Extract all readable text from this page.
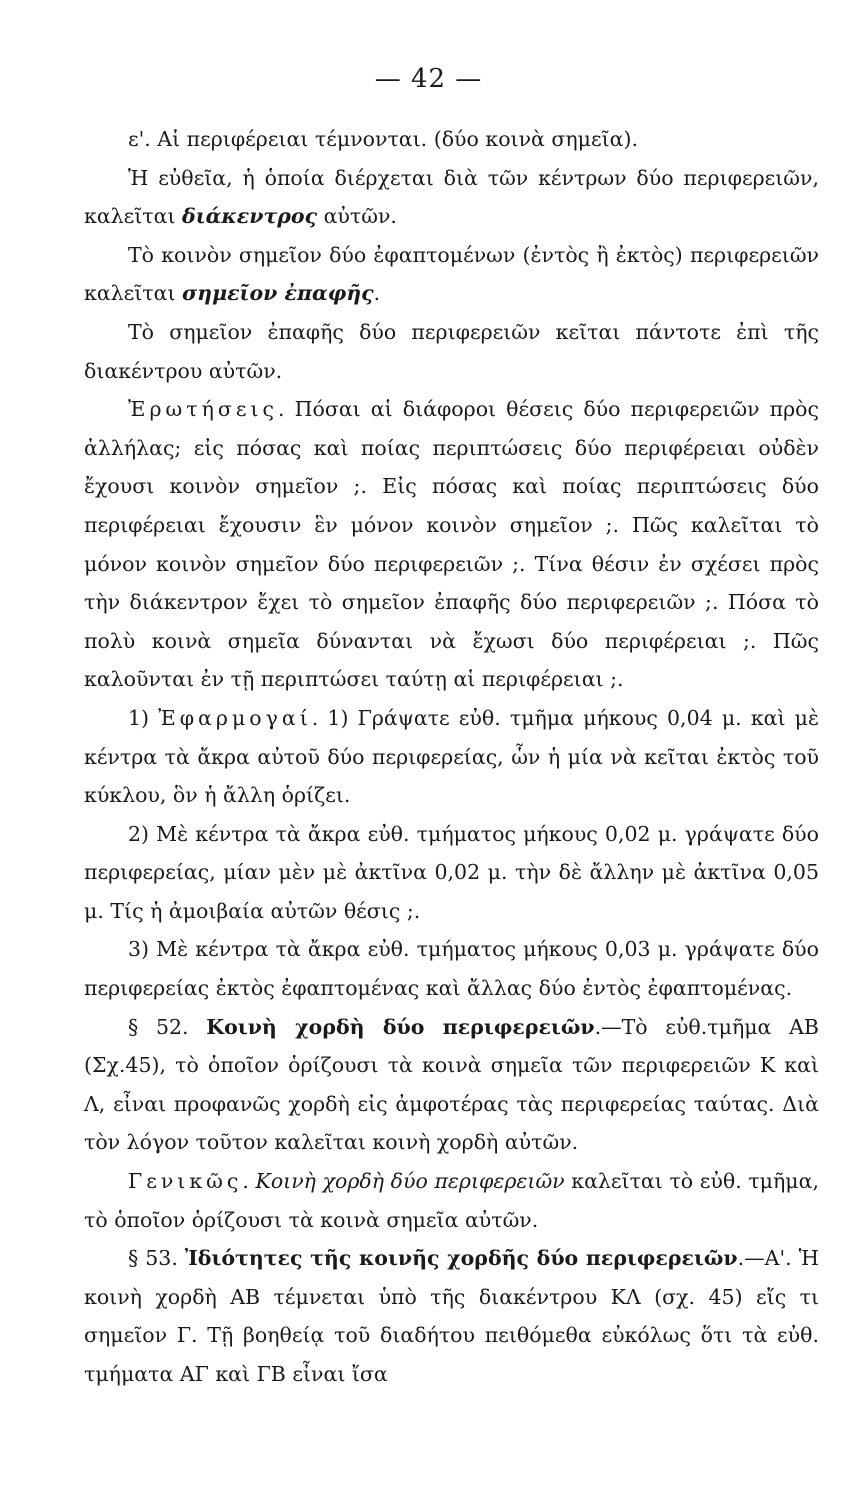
— 42 —

ε'. Αἱ περιφέρειαι τέμνονται. (δύο κοινὰ σημεῖα).

Ἡ εὐθεῖα, ἡ ὁποία διέρχεται διὰ τῶν κέντρων δύο περιφερειῶν, καλεῖται διάκεντρος αὐτῶν.

Τὸ κοινὸν σημεῖον δύο ἐφαπτομένων (ἐντὸς ἢ ἐκτὸς) περιφερειῶν καλεῖται σημεῖον ἐπαφῆς.

Τὸ σημεῖον ἐπαφῆς δύο περιφερειῶν κεῖται πάντοτε ἐπὶ τῆς διακέντρου αὐτῶν.

Ἐρωτήσεις. Πόσαι αἱ διάφοροι θέσεις δύο περιφερειῶν πρὸς ἀλλήλας; εἰς πόσας καὶ ποίας περιπτώσεις δύο περιφέρειαι οὐδὲν ἔχουσι κοινὸν σημεῖον ;. Εἰς πόσας καὶ ποίας περιπτώσεις δύο περιφέρειαι ἔχουσιν ἓν μόνον κοινὸν σημεῖον ;. Πῶς καλεῖται τὸ μόνον κοινὸν σημεῖον δύο περιφερειῶν ;. Τίνα θέσιν ἐν σχέσει πρὸς τὴν διάκεντρον ἔχει τὸ σημεῖον ἐπαφῆς δύο περιφερειῶν ;. Πόσα τὸ πολὺ κοινὰ σημεῖα δύνανται νὰ ἔχωσι δύο περιφέρειαι ;. Πῶς καλοῦνται ἐν τῇ περιπτώσει ταύτῃ αἱ περιφέρειαι ;.

1) Ἐφαρμογαί. 1) Γράψατε εὐθ. τμῆμα μήκους 0,04 μ. καὶ μὲ κέντρα τὰ ἄκρα αὐτοῦ δύο περιφερείας, ὧν ἡ μία νὰ κεῖται ἐκτὸς τοῦ κύκλου, ὃν ἡ ἄλλη ὁρίζει.

2) Μὲ κέντρα τὰ ἄκρα εὐθ. τμήματος μήκους 0,02 μ. γράψατε δύο περιφερείας, μίαν μὲν μὲ ἀκτῖνα 0,02 μ. τὴν δὲ ἄλλην μὲ ἀκτῖνα 0,05 μ. Τίς ἡ ἀμοιβαία αὐτῶν θέσις ;.

3) Μὲ κέντρα τὰ ἄκρα εὐθ. τμήματος μήκους 0,03 μ. γράψατε δύο περιφερείας ἐκτὸς ἐφαπτομένας καὶ ἄλλας δύο ἐντὸς ἐφαπτομένας.

§ 52. Κοινὴ χορδὴ δύο περιφερειῶν.—Τὸ εὐθ.τμῆμα ΑΒ (Σχ.45), τὸ ὁποῖον ὁρίζουσι τὰ κοινὰ σημεῖα τῶν περιφερειῶν Κ καὶ Λ, εἶναι προφανῶς χορδὴ εἰς ἀμφοτέρας τὰς περιφερείας ταύτας. Διὰ τὸν λόγον τοῦτον καλεῖται κοινὴ χορδὴ αὐτῶν.

Γενικῶς. Κοινὴ χορδὴ δύο περιφερειῶν καλεῖται τὸ εὐθ. τμῆμα, τὸ ὁποῖον ὁρίζουσι τὰ κοινὰ σημεῖα αὐτῶν.

§ 53. Ἰδιότητες τῆς κοινῆς χορδῆς δύο περιφερειῶν.—Α'. Ἡ κοινὴ χορδὴ ΑΒ τέμνεται ὑπὸ τῆς διακέντρου ΚΛ (σχ. 45) εἴς τι σημεῖον Γ. Τῇ βοηθείᾳ τοῦ διαδήτου πειθόμεθα εὐκόλως ὅτι τὰ εὐθ. τμήματα ΑΓ καὶ ΓΒ εἶναι ἴσα
